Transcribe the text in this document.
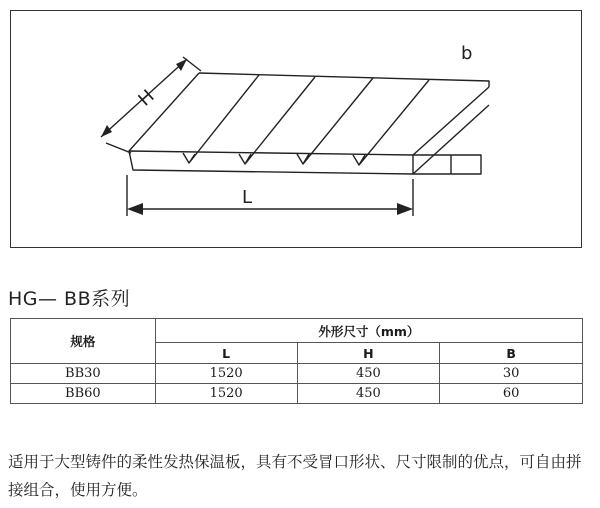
H
L
b
HG— BB系列
规格	外形尺寸（mm）		
	L	H	B
BB30	1520	450	30
BB60	1520	450	60
适用于大型铸件的柔性发热保温板，具有不受冒口形状、尺寸限制的优点，可自由拼接组合，使用方便。
